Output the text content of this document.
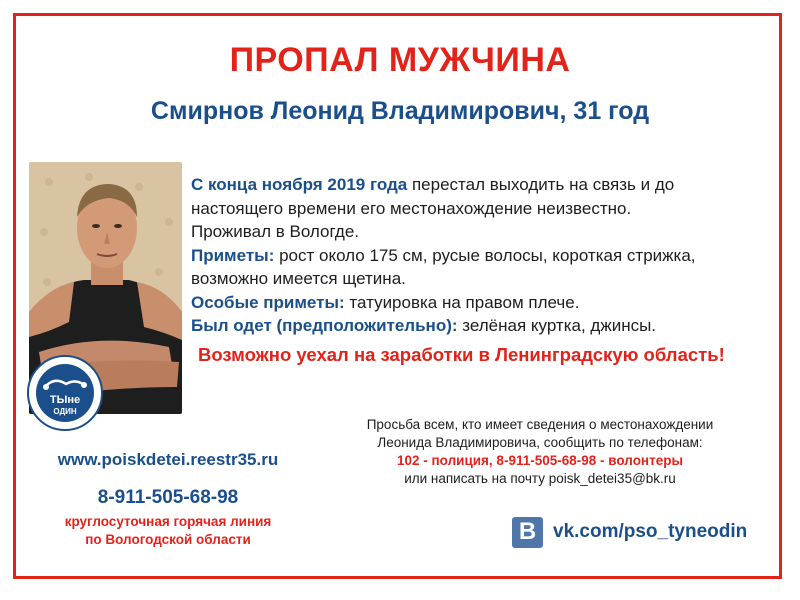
ПРОПАЛ МУЖЧИНА
Смирнов Леонид Владимирович, 31 год
ТЫне
ОДИН
С конца ноября 2019 года перестал выходить на связь и до
настоящего времени его местонахождение неизвестно.
Проживал в Вологде.
Приметы: рост около 175 см, русые волосы, короткая стрижка,
возможно имеется щетина.
Особые приметы: татуировка на правом плече.
Был одет (предположительно): зелёная куртка, джинсы.
Возможно уехал на заработки в Ленинградскую область!
Просьба всем, кто имеет сведения о местонахождении
Леонида Владимировича, сообщить по телефонам:
102 - полиция, 8-911-505-68-98 - волонтеры
или написать на почту poisk_detei35@bk.ru
www.poiskdetei.reestr35.ru
8-911-505-68-98
круглосуточная горячая линия
по Вологодской области	B vk.com/pso_tyneodin
